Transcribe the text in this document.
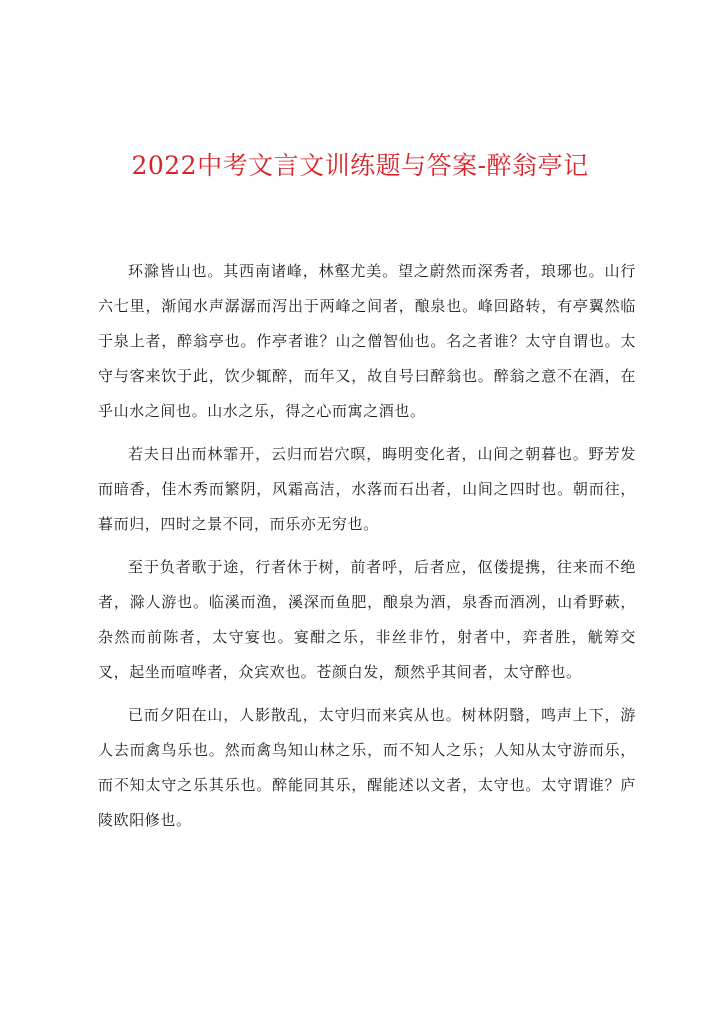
2022中考文言文训练题与答案-醉翁亭记

环滁皆山也。其西南诸峰，林壑尤美。望之蔚然而深秀者，琅琊也。山行六七里，渐闻水声潺潺而泻出于两峰之间者，酿泉也。峰回路转，有亭翼然临于泉上者，醉翁亭也。作亭者谁？山之僧智仙也。名之者谁？太守自谓也。太守与客来饮于此，饮少辄醉，而年又，故自号曰醉翁也。醉翁之意不在酒，在乎山水之间也。山水之乐，得之心而寓之酒也。

若夫日出而林霏开，云归而岩穴暝，晦明变化者，山间之朝暮也。野芳发而暗香，佳木秀而繁阴，风霜高洁，水落而石出者，山间之四时也。朝而往，暮而归，四时之景不同，而乐亦无穷也。

至于负者歌于途，行者休于树，前者呼，后者应，伛偻提携，往来而不绝者，滁人游也。临溪而渔，溪深而鱼肥，酿泉为酒，泉香而酒冽，山肴野蔌，杂然而前陈者，太守宴也。宴酣之乐，非丝非竹，射者中，弈者胜，觥筹交叉，起坐而喧哗者，众宾欢也。苍颜白发，颓然乎其间者，太守醉也。

已而夕阳在山，人影散乱，太守归而来宾从也。树林阴翳，鸣声上下，游人去而禽鸟乐也。然而禽鸟知山林之乐，而不知人之乐；人知从太守游而乐，而不知太守之乐其乐也。醉能同其乐，醒能述以文者，太守也。太守谓谁？庐陵欧阳修也。
